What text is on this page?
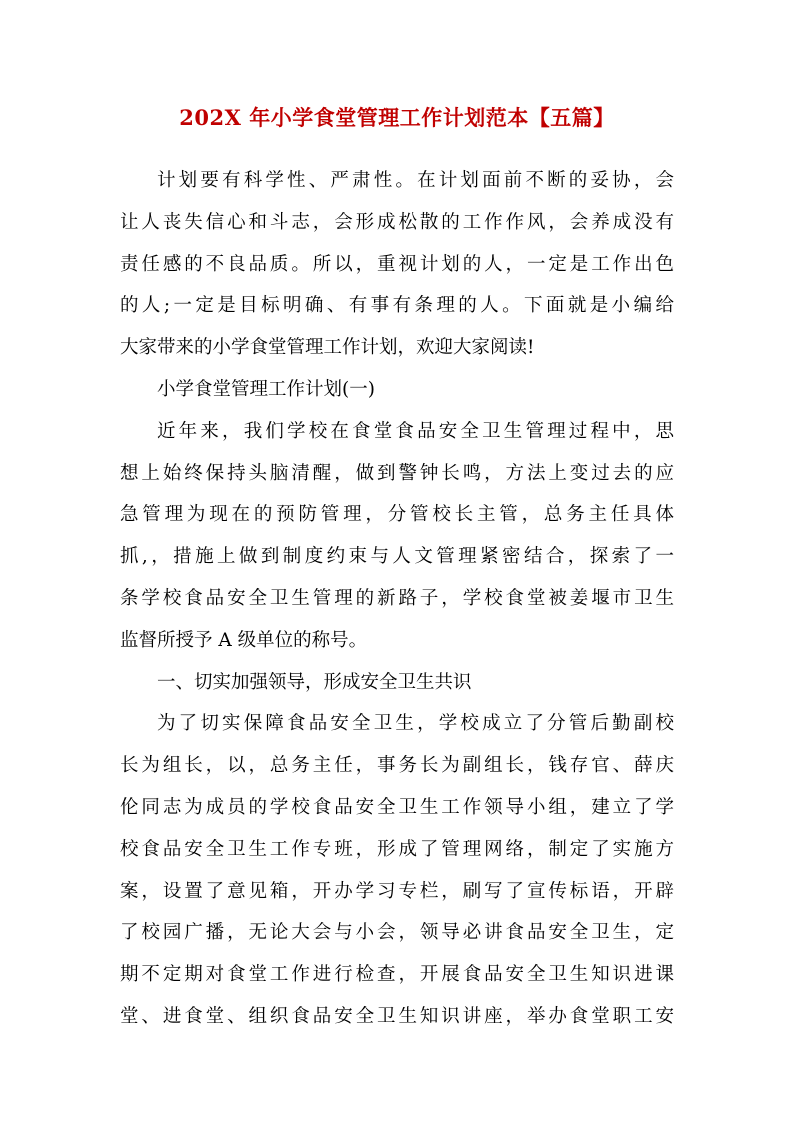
202X 年小学食堂管理工作计划范本【五篇】
计划要有科学性、严肃性。在计划面前不断的妥协，会
让人丧失信心和斗志，会形成松散的工作作风，会养成没有
责任感的不良品质。所以，重视计划的人，一定是工作出色
的人;一定是目标明确、有事有条理的人。下面就是小编给
大家带来的小学食堂管理工作计划，欢迎大家阅读!
小学食堂管理工作计划(一)
近年来，我们学校在食堂食品安全卫生管理过程中，思
想上始终保持头脑清醒，做到警钟长鸣，方法上变过去的应
急管理为现在的预防管理，分管校长主管，总务主任具体
抓,，措施上做到制度约束与人文管理紧密结合，探索了一
条学校食品安全卫生管理的新路子，学校食堂被姜堰市卫生
监督所授予 A 级单位的称号。
一、切实加强领导，形成安全卫生共识
为了切实保障食品安全卫生，学校成立了分管后勤副校
长为组长，以，总务主任，事务长为副组长，钱存官、薛庆
伦同志为成员的学校食品安全卫生工作领导小组，建立了学
校食品安全卫生工作专班，形成了管理网络，制定了实施方
案，设置了意见箱，开办学习专栏，刷写了宣传标语，开辟
了校园广播，无论大会与小会，领导必讲食品安全卫生，定
期不定期对食堂工作进行检查，开展食品安全卫生知识进课
堂、进食堂、组织食品安全卫生知识讲座，举办食堂职工安
